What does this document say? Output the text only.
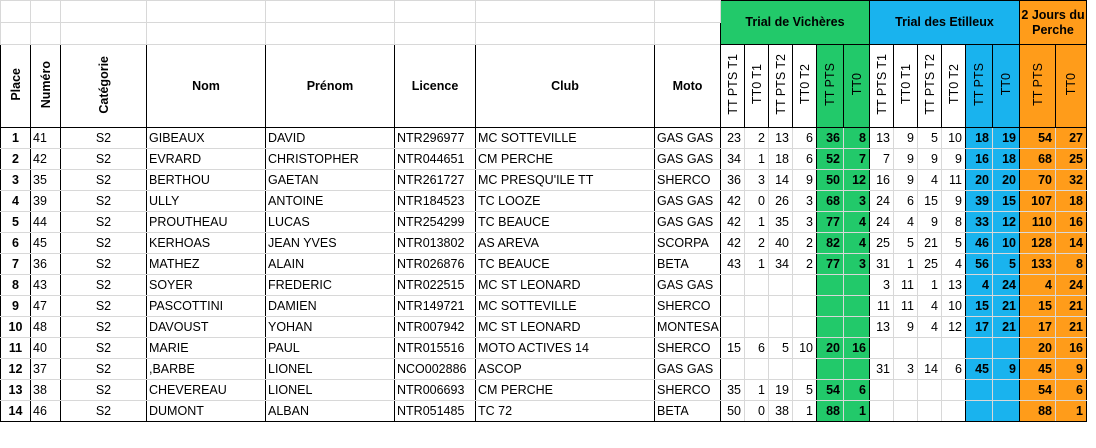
								Trial de Vichères						Trial des Etilleux						2 Jours du Perche	

Place	Numéro	Catégorie	Nom	Prénom	Licence	Club	Moto	TT PTS T1	TT0 T1	TT PTS T2	TT0 T2	TT PTS	TT0	TT PTS T1	TT0 T1	TT PTS T2	TT0 T2	TT PTS	TT0	TT PTS	TT0
1	41	S2	GIBEAUX	DAVID	NTR296977	MC SOTTEVILLE	GAS GAS	23	2	13	6	36	8	13	9	5	10	18	19	54	27
2	42	S2	EVRARD	CHRISTOPHER	NTR044651	CM PERCHE	GAS GAS	34	1	18	6	52	7	7	9	9	9	16	18	68	25
3	35	S2	BERTHOU	GAETAN	NTR261727	MC PRESQU'ILE TT	SHERCO	36	3	14	9	50	12	16	9	4	11	20	20	70	32
4	39	S2	ULLY	ANTOINE	NTR184523	TC LOOZE	GAS GAS	42	0	26	3	68	3	24	6	15	9	39	15	107	18
5	44	S2	PROUTHEAU	LUCAS	NTR254299	TC BEAUCE	GAS GAS	42	1	35	3	77	4	24	4	9	8	33	12	110	16
6	45	S2	KERHOAS	JEAN YVES	NTR013802	AS AREVA	SCORPA	42	2	40	2	82	4	25	5	21	5	46	10	128	14
7	36	S2	MATHEZ	ALAIN	NTR026876	TC BEAUCE	BETA	43	1	34	2	77	3	31	1	25	4	56	5	133	8
8	43	S2	SOYER	FREDERIC	NTR022515	MC ST LEONARD	GAS GAS							3	11	1	13	4	24	4	24
9	47	S2	PASCOTTINI	DAMIEN	NTR149721	MC SOTTEVILLE	SHERCO							11	11	4	10	15	21	15	21
10	48	S2	DAVOUST	YOHAN	NTR007942	MC ST LEONARD	MONTESA							13	9	4	12	17	21	17	21
11	40	S2	MARIE	PAUL	NTR015516	MOTO ACTIVES 14	SHERCO	15	6	5	10	20	16							20	16
12	37	S2	,BARBE	LIONEL	NCO002886	ASCOP	GAS GAS							31	3	14	6	45	9	45	9
13	38	S2	CHEVEREAU	LIONEL	NTR006693	CM PERCHE	SHERCO	35	1	19	5	54	6							54	6
14	46	S2	DUMONT	ALBAN	NTR051485	TC 72	BETA	50	0	38	1	88	1							88	1
